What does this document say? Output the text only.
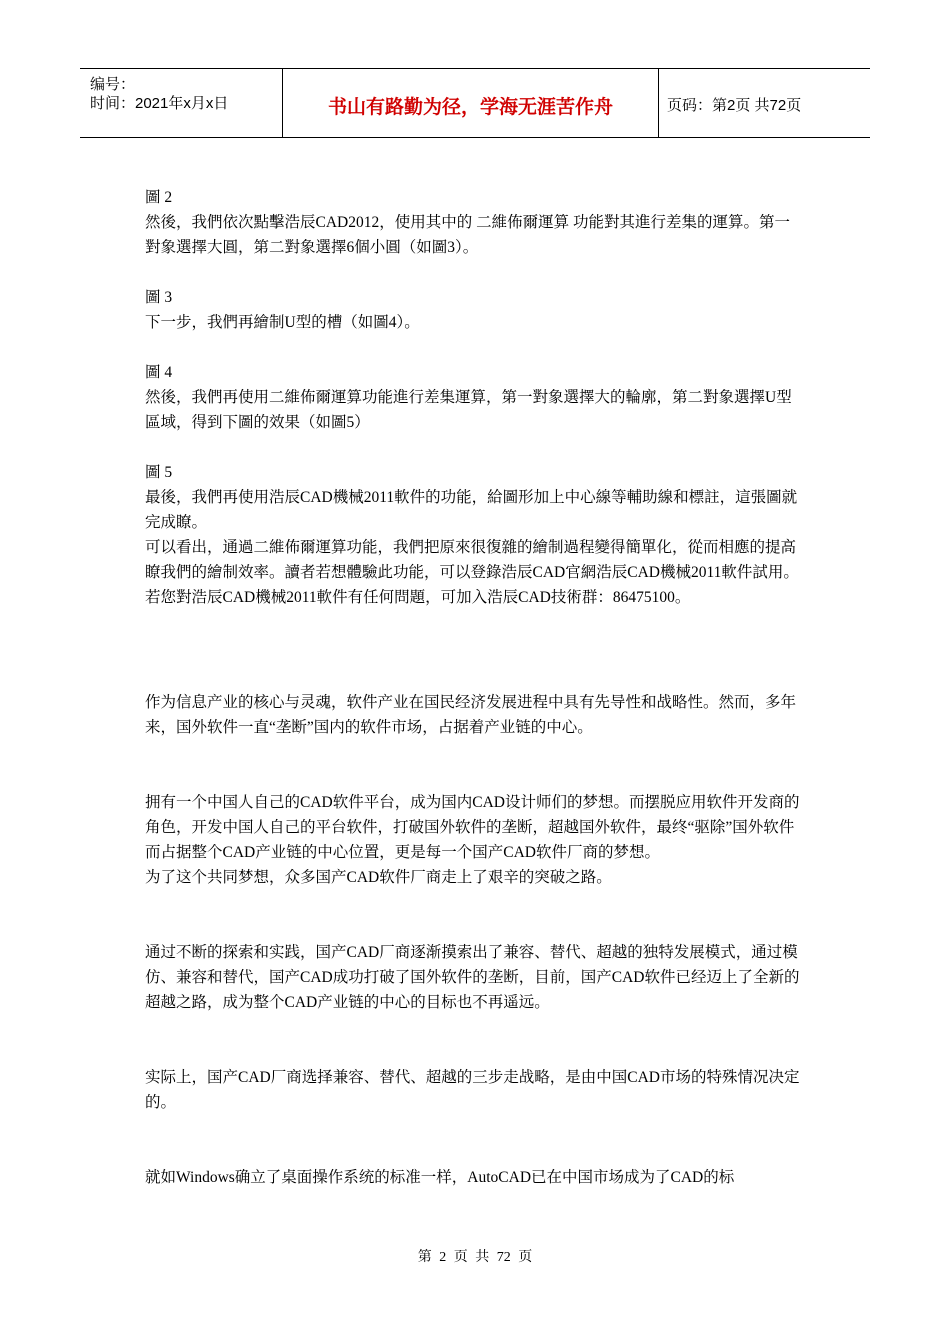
编号：
时间：2021年x月x日	书山有路勤为径，学海无涯苦作舟	页码：第2页 共72页

圖 2

然後，我們依次點擊浩辰CAD2012，使用其中的 二維佈爾運算 功能對其進行差集的運算。第一對象選擇大圓，第二對象選擇6個小圓（如圖3）。

圖 3

下一步，我們再繪制U型的槽（如圖4）。

圖 4

然後，我們再使用二維佈爾運算功能進行差集運算，第一對象選擇大的輪廓，第二對象選擇U型區域，得到下圖的效果（如圖5）

圖 5

最後，我們再使用浩辰CAD機械2011軟件的功能，給圖形加上中心線等輔助線和標註，這張圖就完成瞭。

可以看出，通過二維佈爾運算功能，我們把原來很復雜的繪制過程變得簡單化，從而相應的提高瞭我們的繪制效率。讀者若想體驗此功能，可以登錄浩辰CAD官網浩辰CAD機械2011軟件試用。若您對浩辰CAD機械2011軟件有任何問題，可加入浩辰CAD技術群：86475100。

作为信息产业的核心与灵魂，软件产业在国民经济发展进程中具有先导性和战略性。然而，多年来，国外软件一直“垄断”国内的软件市场，占据着产业链的中心。

拥有一个中国人自己的CAD软件平台，成为国内CAD设计师们的梦想。而摆脱应用软件开发商的角色，开发中国人自己的平台软件，打破国外软件的垄断，超越国外软件，最终“驱除”国外软件而占据整个CAD产业链的中心位置，更是每一个国产CAD软件厂商的梦想。

为了这个共同梦想，众多国产CAD软件厂商走上了艰辛的突破之路。

通过不断的探索和实践，国产CAD厂商逐渐摸索出了兼容、替代、超越的独特发展模式，通过模仿、兼容和替代，国产CAD成功打破了国外软件的垄断，目前，国产CAD软件已经迈上了全新的超越之路，成为整个CAD产业链的中心的目标也不再遥远。

实际上，国产CAD厂商选择兼容、替代、超越的三步走战略，是由中国CAD市场的特殊情况决定的。

就如Windows确立了桌面操作系统的标准一样，AutoCAD已在中国市场成为了CAD的标

第 2 页 共 72 页
